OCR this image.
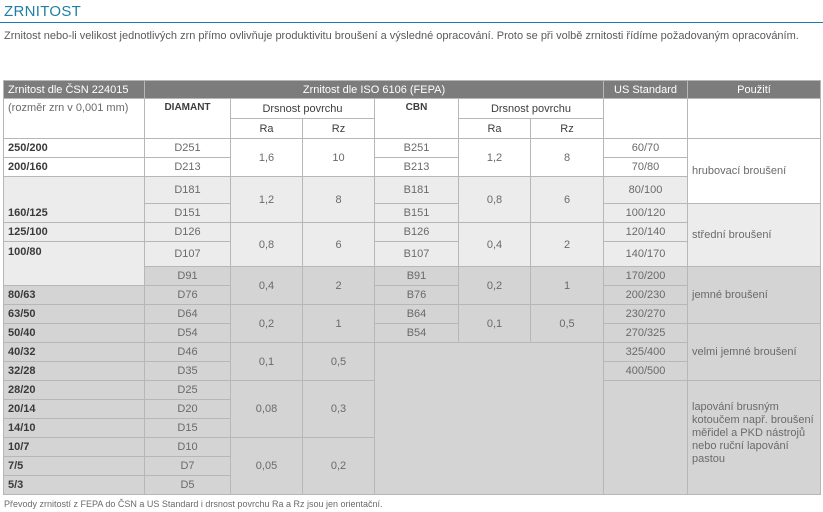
ZRNITOST
Zrnitost nebo-li velikost jednotlivých zrn přímo ovlivňuje produktivitu broušení a výsledné opracování. Proto se při volbě zrnitosti řídíme požadovaným opracováním.
Zrnitost dle ČSN 224015	Zrnitost dle ISO 6106 (FEPA)						US Standard	Použití
(rozměr zrn v 0,001 mm)	DIAMANT	Drsnost povrchu		CBN	Drsnost povrchu			
		Ra	Rz		Ra	Rz		
250/200	D251	1,6	10	B251	1,2	8	60/70	hrubovací broušení
200/160	D213			B213			70/80	
160/125	D181	1,2	8	B181	0,8	6	80/100	
	D151			B151			100/120	střední broušení
125/100	D126	0,8	6	B126	0,4	2	120/140	
100/80	D107			B107			140/170	
	D91	0,4	2	B91	0,2	1	170/200	jemné broušení
80/63	D76			B76			200/230	
63/50	D64	0,2	1	B64	0,1	0,5	230/270	
50/40	D54			B54			270/325	velmi jemné broušení
40/32	D46	0,1	0,5				325/400	
32/28	D35						400/500	
28/20	D25	0,08	0,3					lapování brusným kotoučem např. broušení měřidel a PKD nástrojů nebo ruční lapování pastou
20/14	D20							
14/10	D15							
10/7	D10	0,05	0,2					
7/5	D7							
5/3	D5							
Převody zrnitostí z FEPA do ČSN a US Standard i drsnost povrchu Ra a Rz jsou jen orientační.
